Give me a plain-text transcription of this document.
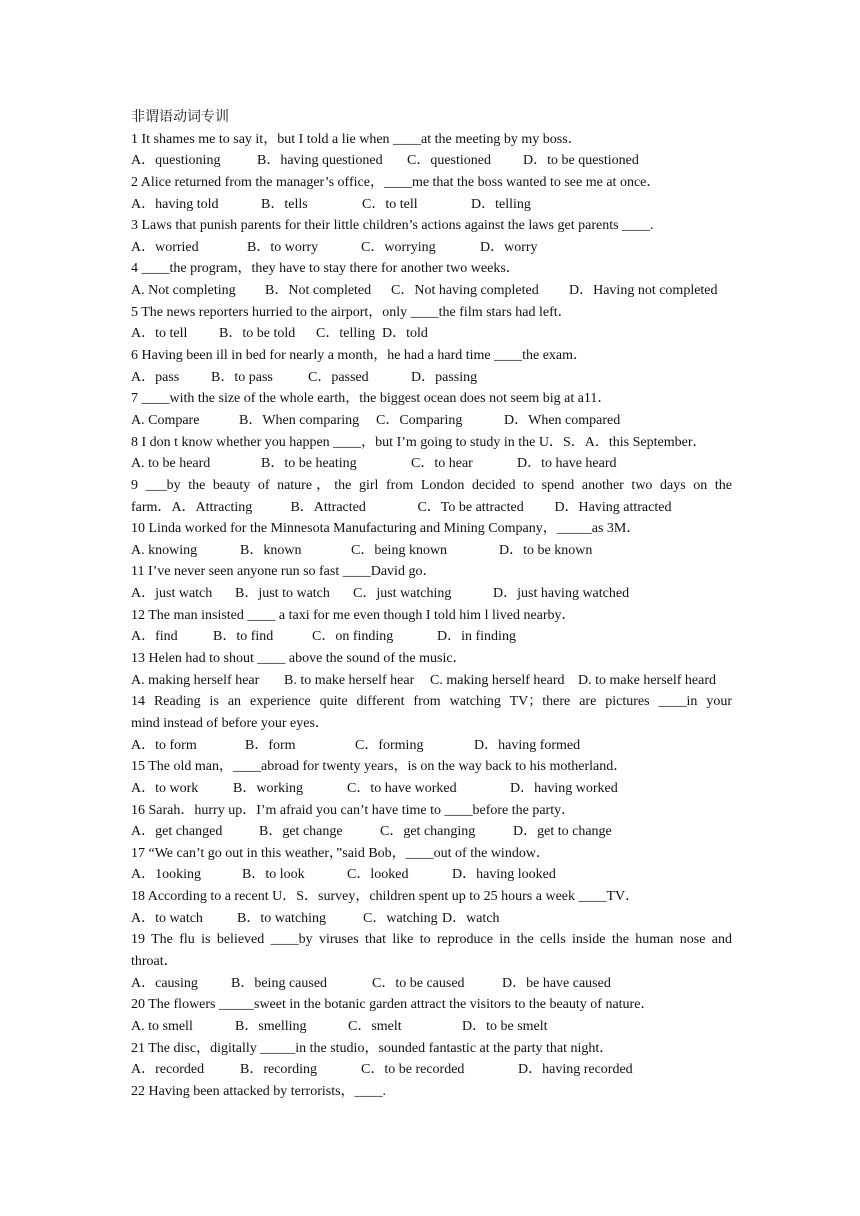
非谓语动词专训
1 It shames me to say it，but I told a lie when ____at the meeting by my boss．
A．questioning	B．having questioned	C．questioned	D．to be questioned
2 Alice returned from the manager’s office，____me that the boss wanted to see me at once．
A．having told	B．tells	C．to tell	D．telling
3 Laws that punish parents for their little children’s actions against the laws get parents ____.
A．worried	B．to worry	C．worrying	D．worry
4 ____the program，they have to stay there for another two weeks．
A. Not completing	B．Not completed	C．Not having completed	D．Having not completed
5 The news reporters hurried to the airport，only ____the film stars had left．
A．to tell	B．to be told	C．telling D．told
6 Having been ill in bed for nearly a month，he had a hard time ____the exam．
A．pass	B．to pass	C．passed	D．passing
7 ____with the size of the whole earth，the biggest ocean does not seem big at a11．
A. Compare	B．When comparing	C．Comparing	D．When compared
8 I don t know whether you happen ____，but I’m going to study in the U．S．A．this September．
A. to be heard	B．to be heating	C．to hear	D．to have heard
9 ___by the beauty of nature，the girl from London decided to spend another two days on the
farm． A．Attracting	B．Attracted	C．To be attracted	D．Having attracted
10 Linda worked for the Minnesota Manufacturing and Mining Company，_____as 3M．
A. knowing	B．known	C．being known	D．to be known
11 I’ve never seen anyone run so fast ____David go．
A．just watch	B．just to watch	C．just watching	D．just having watched
12 The man insisted ____ a taxi for me even though I told him l lived nearby．
A．find	B．to find	C．on finding	D．in finding
13 Helen had to shout ____ above the sound of the music．
A. making herself hear	B. to make herself hear	C. making herself heard D. to make herself heard
14 Reading is an experience quite different from watching TV；there are pictures ____in your
mind instead of before your eyes．
A．to form	B．form	C．forming	D．having formed
15 The old man，____abroad for twenty years，is on the way back to his motherland．
A．to work	B．working	C．to have worked	D．having worked
16 Sarah．hurry up．I’m afraid you can’t have time to ____before the party．
A．get changed	B．get change	C．get changing	D．get to change
17 “We can’t go out in this weather，”said Bob，____out of the window．
A．1ooking	B．to look	C．looked	D．having looked
18 According to a recent U．S．survey，children spent up to 25 hours a week ____TV．
A．to watch	B．to watching	C．watching D．watch
19 The flu is believed ____by viruses that like to reproduce in the cells inside the human nose and
throat．
A．causing	B．being caused	C．to be caused	D．be have caused
20 The flowers _____sweet in the botanic garden attract the visitors to the beauty of nature．
A. to smell	B．smelling	C．smelt	D．to be smelt
21 The disc，digitally _____in the studio，sounded fantastic at the party that night．
A．recorded	B．recording	C．to be recorded	D．having recorded
22 Having been attacked by terrorists，____.
